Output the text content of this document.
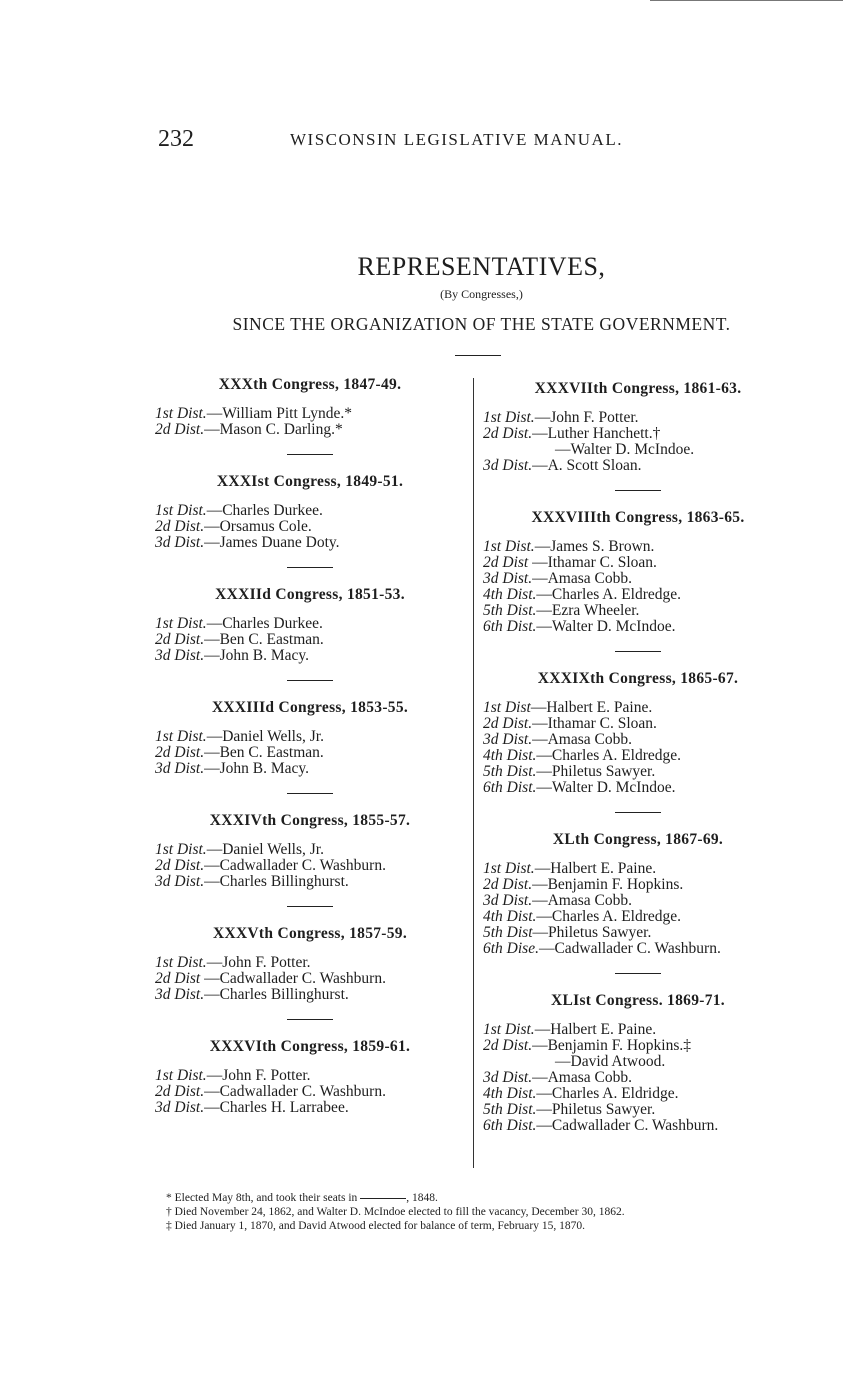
232	WISCONSIN LEGISLATIVE MANUAL.
REPRESENTATIVES,
(By Congresses,)
SINCE THE ORGANIZATION OF THE STATE GOVERNMENT.
XXXth Congress, 1847-49.
1st Dist.—William Pitt Lynde.*
2d Dist.—Mason C. Darling.*
XXXIst Congress, 1849-51.
1st Dist.—Charles Durkee.
2d Dist.—Orsamus Cole.
3d Dist.—James Duane Doty.
XXXIId Congress, 1851-53.
1st Dist.—Charles Durkee.
2d Dist.—Ben C. Eastman.
3d Dist.—John B. Macy.
XXXIIId Congress, 1853-55.
1st Dist.—Daniel Wells, Jr.
2d Dist.—Ben C. Eastman.
3d Dist.—John B. Macy.
XXXIVth Congress, 1855-57.
1st Dist.—Daniel Wells, Jr.
2d Dist.—Cadwallader C. Washburn.
3d Dist.—Charles Billinghurst.
XXXVth Congress, 1857-59.
1st Dist.—John F. Potter.
2d Dist —Cadwallader C. Washburn.
3d Dist.—Charles Billinghurst.
XXXVIth Congress, 1859-61.
1st Dist.—John F. Potter.
2d Dist.—Cadwallader C. Washburn.
3d Dist.—Charles H. Larrabee.
XXXVIIth Congress, 1861-63.
1st Dist.—John F. Potter.
2d Dist.—Luther Hanchett.†
—Walter D. McIndoe.
3d Dist.—A. Scott Sloan.
XXXVIIIth Congress, 1863-65.
1st Dist.—James S. Brown.
2d Dist —Ithamar C. Sloan.
3d Dist.—Amasa Cobb.
4th Dist.—Charles A. Eldredge.
5th Dist.—Ezra Wheeler.
6th Dist.—Walter D. McIndoe.
XXXIXth Congress, 1865-67.
1st Dist—Halbert E. Paine.
2d Dist.—Ithamar C. Sloan.
3d Dist.—Amasa Cobb.
4th Dist.—Charles A. Eldredge.
5th Dist.—Philetus Sawyer.
6th Dist.—Walter D. McIndoe.
XLth Congress, 1867-69.
1st Dist.—Halbert E. Paine.
2d Dist.—Benjamin F. Hopkins.
3d Dist.—Amasa Cobb.
4th Dist.—Charles A. Eldredge.
5th Dist—Philetus Sawyer.
6th Dise.—Cadwallader C. Washburn.
XLIst Congress. 1869-71.
1st Dist.—Halbert E. Paine.
2d Dist.—Benjamin F. Hopkins.‡
—David Atwood.
3d Dist.—Amasa Cobb.
4th Dist.—Charles A. Eldridge.
5th Dist.—Philetus Sawyer.
6th Dist.—Cadwallader C. Washburn.
* Elected May 8th, and took their seats in	, 1848.
† Died November 24, 1862, and Walter D. McIndoe elected to fill the vacancy, December 30, 1862.
‡ Died January 1, 1870, and David Atwood elected for balance of term, February 15, 1870.
